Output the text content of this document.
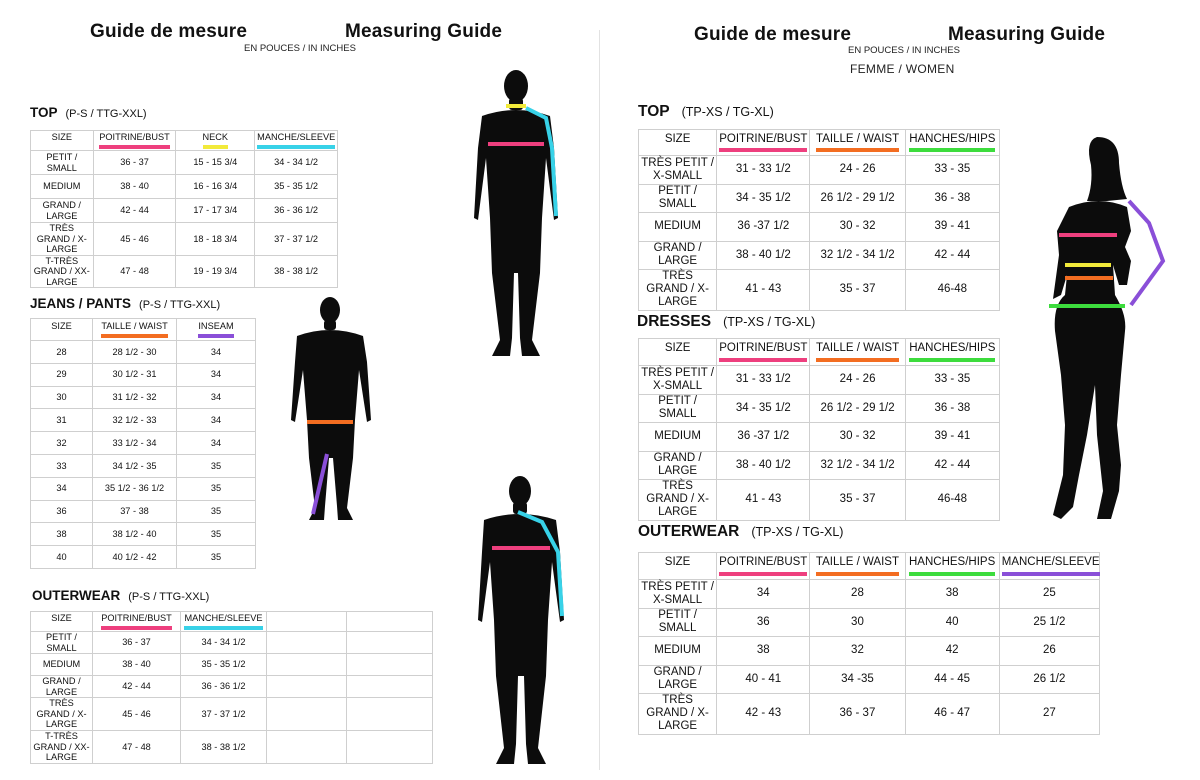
Guide de mesure	Measuring Guide
EN POUCES / IN INCHES
TOP (P-S / TTG-XXL)
SIZE	POITRINE/BUST	NECK	MANCHE/SLEEVE
PETIT / SMALL	36 - 37	15 - 15 3/4	34 - 34 1/2
MEDIUM	38 - 40	16 - 16 3/4	35 - 35 1/2
GRAND / LARGE	42 - 44	17 - 17 3/4	36 - 36 1/2
TRÈS GRAND / X-LARGE	45 - 46	18 - 18 3/4	37 - 37 1/2
T-TRÈS GRAND / XX-LARGE	47 - 48	19 - 19 3/4	38 - 38 1/2
JEANS / PANTS (P-S / TTG-XXL)
SIZE	TAILLE / WAIST	INSEAM
28	28 1/2 - 30	34
29	30 1/2 - 31	34
30	31 1/2 - 32	34
31	32 1/2 - 33	34
32	33 1/2 - 34	34
33	34 1/2 - 35	35
34	35 1/2 - 36 1/2	35
36	37 - 38	35
38	38 1/2 - 40	35
40	40 1/2 - 42	35
OUTERWEAR (P-S / TTG-XXL)
SIZE	POITRINE/BUST	MANCHE/SLEEVE		
PETIT / SMALL	36 - 37	34 - 34 1/2		
MEDIUM	38 - 40	35 - 35 1/2		
GRAND / LARGE	42 - 44	36 - 36 1/2		
TRÈS GRAND / X-LARGE	45 - 46	37 - 37 1/2		
T-TRÈS GRAND / XX-LARGE	47 - 48	38 - 38 1/2		
Guide de mesure	Measuring Guide
EN POUCES / IN INCHES
FEMME / WOMEN
TOP (TP-XS / TG-XL)
SIZE	POITRINE/BUST	TAILLE / WAIST	HANCHES/HIPS
TRÈS PETIT / X-SMALL	31 - 33 1/2	24 - 26	33 - 35
PETIT / SMALL	34 - 35 1/2	26 1/2 - 29 1/2	36 - 38
MEDIUM	36 -37 1/2	30 - 32	39 - 41
GRAND / LARGE	38 - 40 1/2	32 1/2 - 34 1/2	42 - 44
TRÈS GRAND / X-LARGE	41 - 43	35 - 37	46-48
DRESSES (TP-XS / TG-XL)
SIZE	POITRINE/BUST	TAILLE / WAIST	HANCHES/HIPS
TRÈS PETIT / X-SMALL	31 - 33 1/2	24 - 26	33 - 35
PETIT / SMALL	34 - 35 1/2	26 1/2 - 29 1/2	36 - 38
MEDIUM	36 -37 1/2	30 - 32	39 - 41
GRAND / LARGE	38 - 40 1/2	32 1/2 - 34 1/2	42 - 44
TRÈS GRAND / X-LARGE	41 - 43	35 - 37	46-48
OUTERWEAR (TP-XS / TG-XL)
SIZE	POITRINE/BUST	TAILLE / WAIST	HANCHES/HIPS	MANCHE/SLEEVE
TRÈS PETIT / X-SMALL	34	28	38	25
PETIT / SMALL	36	30	40	25 1/2
MEDIUM	38	32	42	26
GRAND / LARGE	40 - 41	34 -35	44 - 45	26 1/2
TRÈS GRAND / X-LARGE	42 - 43	36 - 37	46 - 47	27
